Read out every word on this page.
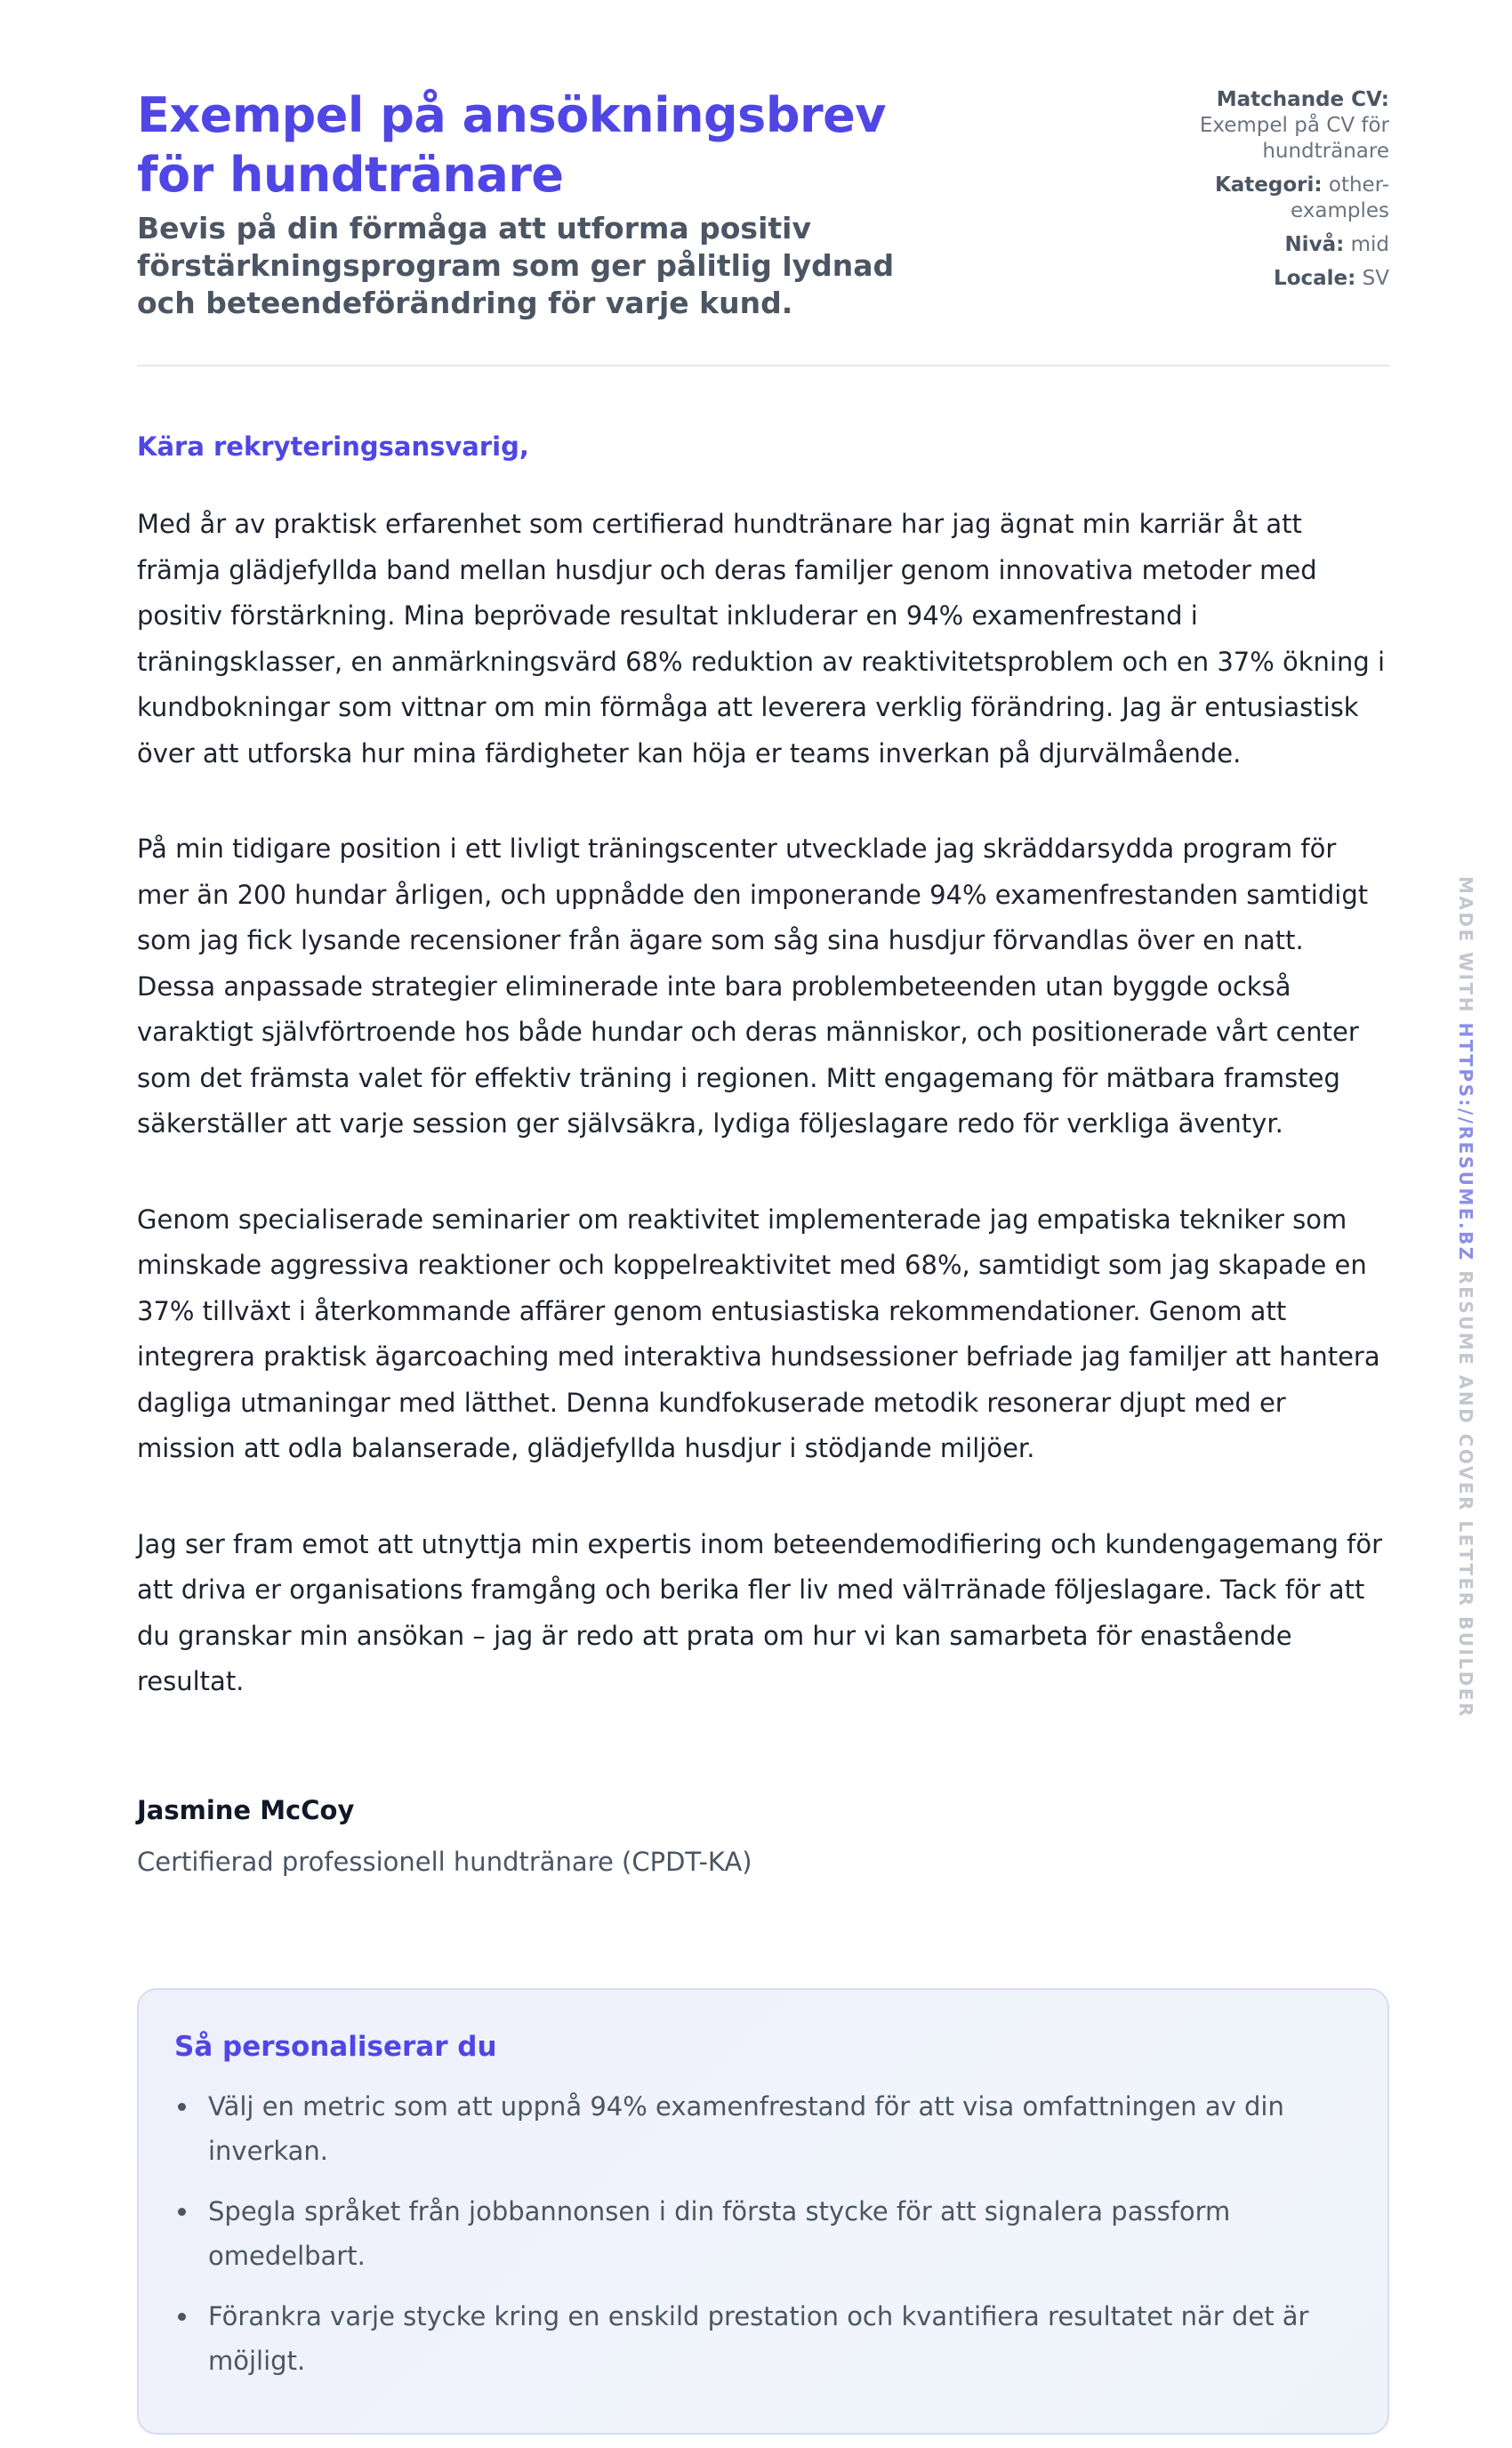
Exempel på ansökningsbrev för hundtränare
Bevis på din förmåga att utforma positiv förstärkningsprogram som ger pålitlig lydnad och beteendeförändring för varje kund.
Matchande CV:
Exempel på CV för hundtränare
Kategori: other-examples
Nivå: mid
Locale: SV
Kära rekryteringsansvarig,

Med år av praktisk erfarenhet som certifierad hundtränare har jag ägnat min karriär åt att främja glädjefyllda band mellan husdjur och deras familjer genom innovativa metoder med positiv förstärkning. Mina beprövade resultat inkluderar en 94% examenfrestand i träningsklasser, en anmärkningsvärd 68% reduktion av reaktivitetsproblem och en 37% ökning i kundbokningar som vittnar om min förmåga att leverera verklig förändring. Jag är entusiastisk över att utforska hur mina färdigheter kan höja er teams inverkan på djurvälmående.

På min tidigare position i ett livligt träningscenter utvecklade jag skräddarsydda program för mer än 200 hundar årligen, och uppnådde den imponerande 94% examenfrestanden samtidigt som jag fick lysande recensioner från ägare som såg sina husdjur förvandlas över en natt. Dessa anpassade strategier eliminerade inte bara problembeteenden utan byggde också varaktigt självförtroende hos både hundar och deras människor, och positionerade vårt center som det främsta valet för effektiv träning i regionen. Mitt engagemang för mätbara framsteg säkerställer att varje session ger självsäkra, lydiga följeslagare redo för verkliga äventyr.

Genom specialiserade seminarier om reaktivitet implementerade jag empatiska tekniker som minskade aggressiva reaktioner och koppelreaktivitet med 68%, samtidigt som jag skapade en 37% tillväxt i återkommande affärer genom entusiastiska rekommendationer. Genom att integrera praktisk ägarcoaching med interaktiva hundsessioner befriade jag familjer att hantera dagliga utmaningar med lätthet. Denna kundfokuserade metodik resonerar djupt med er mission att odla balanserade, glädjefyllda husdjur i stödjande miljöer.

Jag ser fram emot att utnyttja min expertis inom beteendemodifiering och kundengagemang för att driva er organisations framgång och berika fler liv med välтränade följeslagare. Tack för att du granskar min ansökan – jag är redo att prata om hur vi kan samarbeta för enastående resultat.

Jasmine McCoy
Certifierad professionell hundtränare (CPDT-KA)
Så personaliserar du
Välj en metric som att uppnå 94% examenfrestand för att visa omfattningen av din inverkan.
Spegla språket från jobbannonsen i din första stycke för att signalera passform omedelbart.
Förankra varje stycke kring en enskild prestation och kvantifiera resultatet när det är möjligt.
MADE WITH HTTPS://RESUME.BZ RESUME AND COVER LETTER BUILDER
